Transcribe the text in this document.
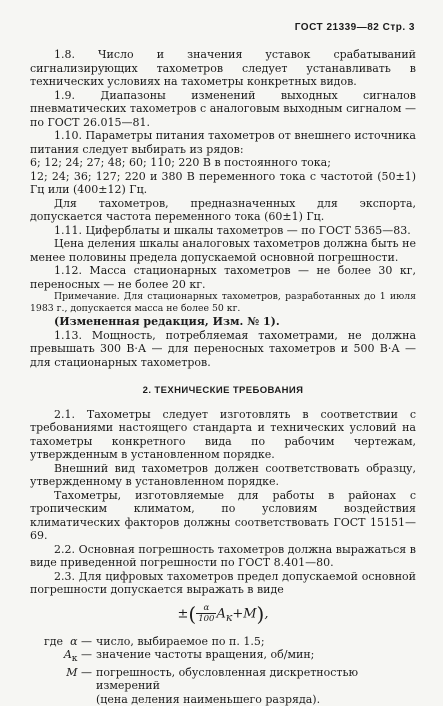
ГОСТ 21339—82 Стр. 3

1.8. Число и значения уставок срабатываний сигнализирующих тахометров следует устанавливать в технических условиях на тахометры конкретных видов.

1.9. Диапазоны изменений выходных сигналов пневматических тахометров с аналоговым выходным сигналом — по ГОСТ 26.015—81.

1.10. Параметры питания тахометров от внешнего источника питания следует выбирать из рядов:

6; 12; 24; 27; 48; 60; 110; 220 В в постоянного тока;

12; 24; 36; 127; 220 и 380 В переменного тока с частотой (50±1) Гц или (400±12) Гц.

Для тахометров, предназначенных для экспорта, допускается частота переменного тока (60±1) Гц.

1.11. Циферблаты и шкалы тахометров — по ГОСТ 5365—83.

Цена деления шкалы аналоговых тахометров должна быть не менее половины предела допускаемой основной погрешности.

1.12. Масса стационарных тахометров — не более 30 кг, переносных — не более 20 кг.

Примечание. Для стационарных тахометров, разработанных до 1 июля 1983 г., допускается масса не более 50 кг.

(Измененная редакция, Изм. № 1).

1.13. Мощность, потребляемая тахометрами, не должна превышать 300 В·А — для переносных тахометров и 500 В·А — для стационарных тахометров.

2. ТЕХНИЧЕСКИЕ ТРЕБОВАНИЯ

2.1. Тахометры следует изготовлять в соответствии с требованиями настоящего стандарта и технических условий на тахометры конкретного вида по рабочим чертежам, утвержденным в установленном порядке.

Внешний вид тахометров должен соответствовать образцу, утвержденному в установленном порядке.

Тахометры, изготовляемые для работы в районах с тропическим климатом, по условиям воздействия климатических факторов должны соответствовать ГОСТ 15151—69.

2.2. Основная погрешность тахометров должна выражаться в виде приведенной погрешности по ГОСТ 8.401—80.

2.3. Для цифровых тахометров предел допускаемой основной погрешности допускается выражать в виде

±( $\frac{\alpha}{100} A_к+M$),
где α — число, выбираемое по п. 1.5;
$A_к$ — значение частоты вращения, об/мин;
M — погрешность, обусловленная дискретностью измерений
(цена деления наименьшего разряда).
